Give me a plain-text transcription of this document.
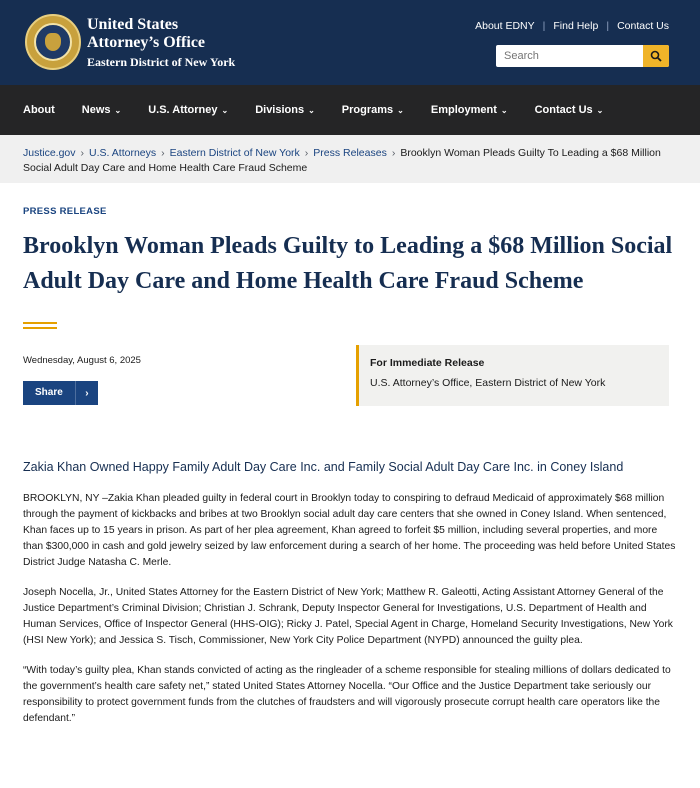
United States
Attorney’s Office
Eastern District of New York
About EDNY | Find Help | Contact Us
Search
About News ⌄ U.S. Attorney ⌄ Divisions ⌄ Programs ⌄ Employment ⌄ Contact Us ⌄
Justice.gov › U.S. Attorneys › Eastern District of New York › Press Releases › Brooklyn Woman Pleads Guilty To Leading a $68 Million Social Adult Day Care and Home Health Care Fraud Scheme
PRESS RELEASE
Brooklyn Woman Pleads Guilty to Leading a $68 Million Social Adult Day Care and Home Health Care Fraud Scheme
Wednesday, August 6, 2025
Share	›
For Immediate Release
U.S. Attorney’s Office, Eastern District of New York
Zakia Khan Owned Happy Family Adult Day Care Inc. and Family Social Adult Day Care Inc. in Coney Island

BROOKLYN, NY –Zakia Khan pleaded guilty in federal court in Brooklyn today to conspiring to defraud Medicaid of approximately $68 million through the payment of kickbacks and bribes at two Brooklyn social adult day care centers that she owned in Coney Island. When sentenced, Khan faces up to 15 years in prison. As part of her plea agreement, Khan agreed to forfeit $5 million, including several properties, and more than $300,000 in cash and gold jewelry seized by law enforcement during a search of her home. The proceeding was held before United States District Judge Natasha C. Merle.

Joseph Nocella, Jr., United States Attorney for the Eastern District of New York; Matthew R. Galeotti, Acting Assistant Attorney General of the Justice Department’s Criminal Division; Christian J. Schrank, Deputy Inspector General for Investigations, U.S. Department of Health and Human Services, Office of Inspector General (HHS-OIG); Ricky J. Patel, Special Agent in Charge, Homeland Security Investigations, New York (HSI New York); and Jessica S. Tisch, Commissioner, New York City Police Department (NYPD) announced the guilty plea.

“With today’s guilty plea, Khan stands convicted of acting as the ringleader of a scheme responsible for stealing millions of dollars dedicated to the government’s health care safety net,” stated United States Attorney Nocella. “Our Office and the Justice Department take seriously our responsibility to protect government funds from the clutches of fraudsters and will vigorously prosecute corrupt health care operators like the defendant.”
